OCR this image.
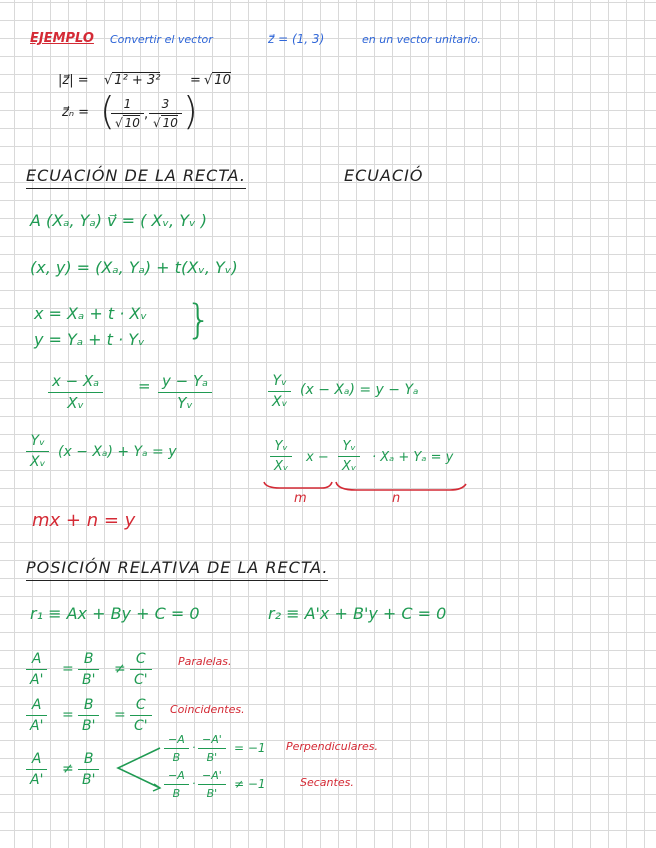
EJEMPLO Convertir el vector	z⃗ = (1, 3)	en un vector unitario.
|z⃗| = √ 1² + 3² = √ 10
z⃗ₙ = ( 1
√ 10
,
3
√ 10 )
ECUACIÓN DE LA RECTA.	ECUACIÓ
A (Xₐ, Yₐ) v⃗ = ( Xᵥ, Yᵥ )
(x, y) = (Xₐ, Yₐ) + t(Xᵥ, Yᵥ)
x = Xₐ + t · Xᵥ
y = Yₐ + t · Yᵥ }
x − Xₐ
Xᵥ
= y − Yₐ
Yᵥ
Yᵥ
Xᵥ
(x − Xₐ) = y − Yₐ
Yᵥ
Xᵥ
(x − Xₐ) + Yₐ = y	Yᵥ
Xᵥ
x −
Yᵥ
Xᵥ
· Xₐ + Yₐ = y
m	n
mx + n = y
POSICIÓN RELATIVA DE LA RECTA.
r₁ ≡ Ax + By + C = 0	r₂ ≡ A'x + B'y + C = 0
A
A'
=
B
B'
≠
C
C'
Paralelas.
A
A'
=
B
B'
=
C
C'
Coincidentes.
A
A'
≠
B
B'
−A
B
·
−A'
B'
= −1 Perpendiculares.
−A
B
·
−A'
B'
≠ −1	Secantes.
